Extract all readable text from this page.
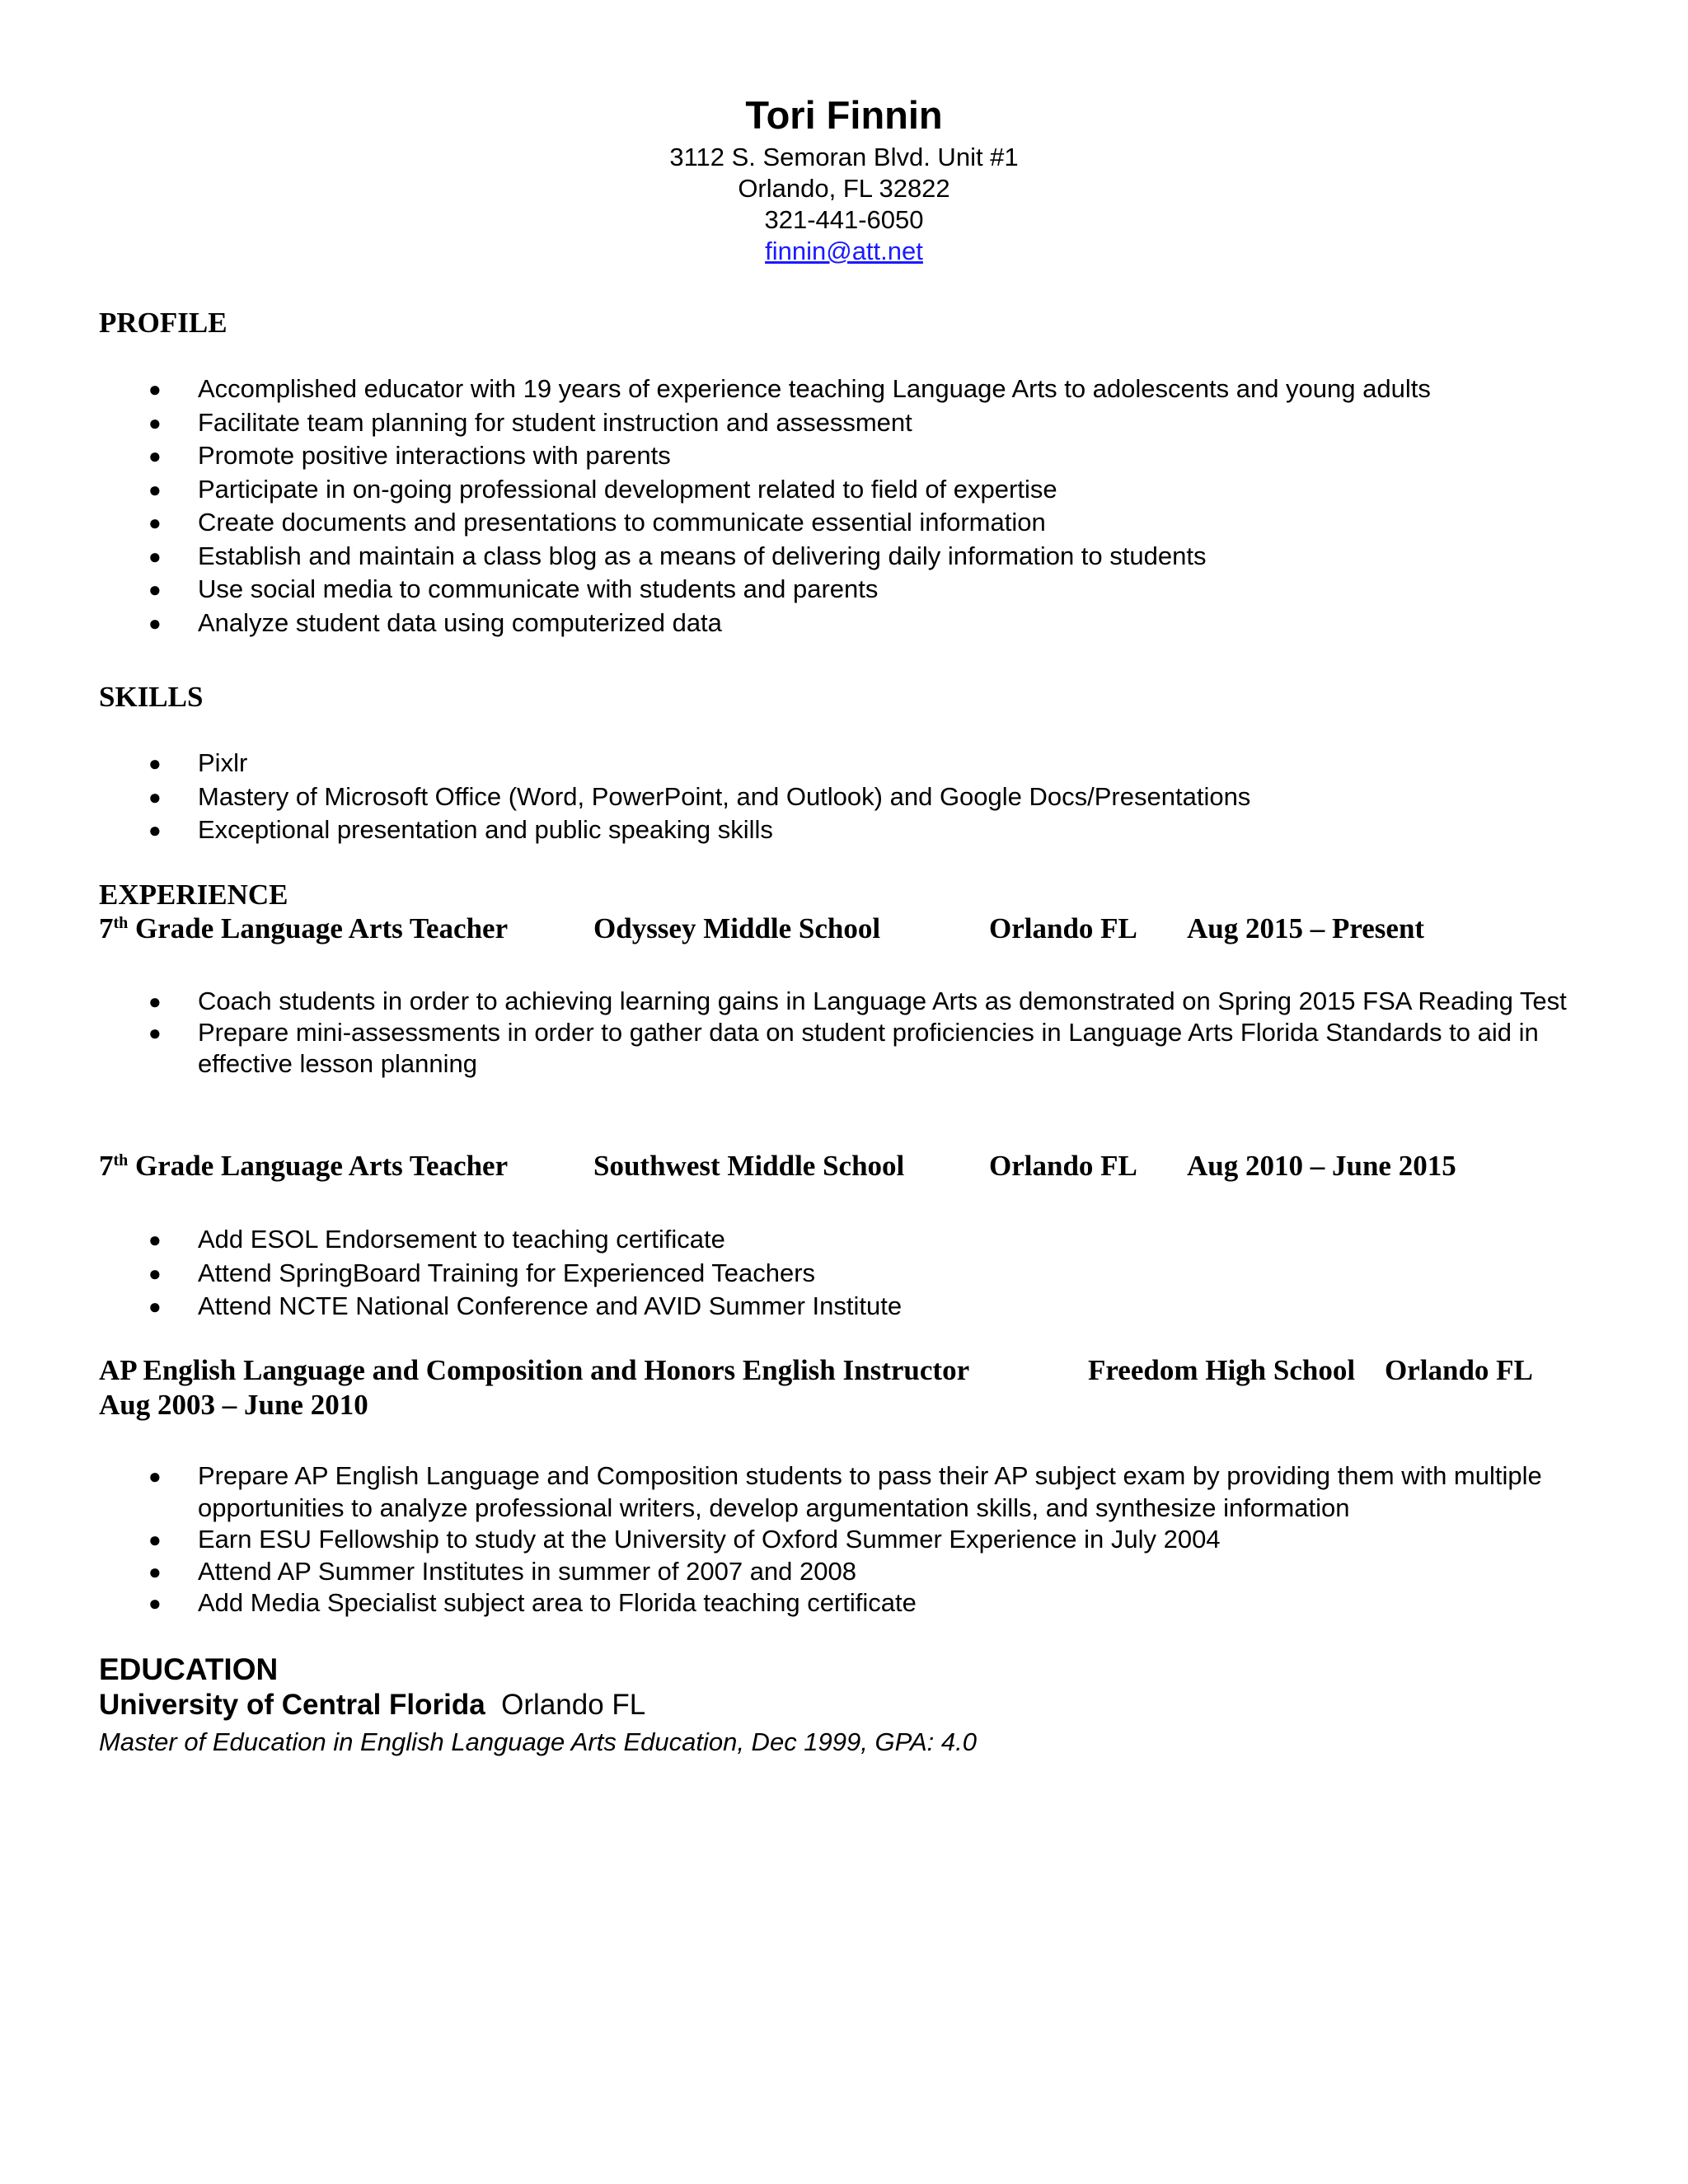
Tori Finnin
3112 S. Semoran Blvd. Unit #1
Orlando, FL 32822
321-441-6050
finnin@att.net
PROFILE
● Accomplished educator with 19 years of experience teaching Language Arts to adolescents and young adults
● Facilitate team planning for student instruction and assessment
● Promote positive interactions with parents
● Participate in on-going professional development related to field of expertise
● Create documents and presentations to communicate essential information
● Establish and maintain a class blog as a means of delivering daily information to students
● Use social media to communicate with students and parents
● Analyze student data using computerized data
SKILLS
● Pixlr
● Mastery of Microsoft Office (Word, PowerPoint, and Outlook) and Google Docs/Presentations
● Exceptional presentation and public speaking skills
EXPERIENCE
7th Grade Language Arts Teacher	Odyssey Middle School	Orlando FL Aug 2015 – Present
● Coach students in order to achieving learning gains in Language Arts as demonstrated on Spring 2015 FSA Reading Test
● Prepare mini-assessments in order to gather data on student proficiencies in Language Arts Florida Standards to aid in effective lesson planning
7th Grade Language Arts Teacher	Southwest Middle School	Orlando FL Aug 2010 – June 2015
● Add ESOL Endorsement to teaching certificate
● Attend SpringBoard Training for Experienced Teachers
● Attend NCTE National Conference and AVID Summer Institute
AP English Language and Composition and Honors English Instructor	Freedom High School Orlando FL
Aug 2003 – June 2010
● Prepare AP English Language and Composition students to pass their AP subject exam by providing them with multiple opportunities to analyze professional writers, develop argumentation skills, and synthesize information
● Earn ESU Fellowship to study at the University of Oxford Summer Experience in July 2004
● Attend AP Summer Institutes in summer of 2007 and 2008
● Add Media Specialist subject area to Florida teaching certificate
EDUCATION
University of Central Florida Orlando FL
Master of Education in English Language Arts Education, Dec 1999, GPA: 4.0
